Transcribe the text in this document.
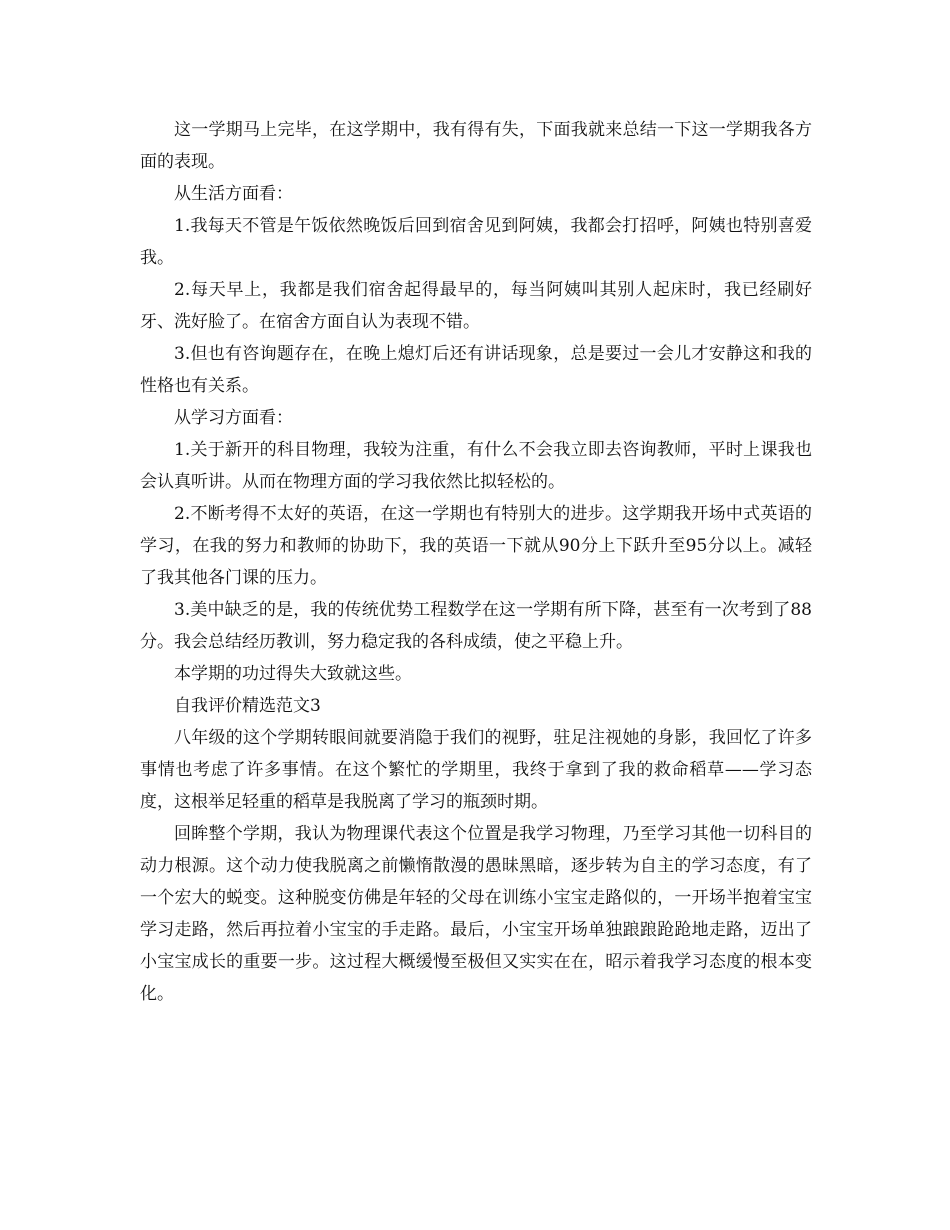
这一学期马上完毕，在这学期中，我有得有失，下面我就来总结一下这一学期我各方面的表现。

从生活方面看：

1.我每天不管是午饭依然晚饭后回到宿舍见到阿姨，我都会打招呼，阿姨也特别喜爱我。

2.每天早上，我都是我们宿舍起得最早的，每当阿姨叫其别人起床时，我已经刷好牙、洗好脸了。在宿舍方面自认为表现不错。

3.但也有咨询题存在，在晚上熄灯后还有讲话现象，总是要过一会儿才安静这和我的性格也有关系。

从学习方面看：

1.关于新开的科目物理，我较为注重，有什么不会我立即去咨询教师，平时上课我也会认真听讲。从而在物理方面的学习我依然比拟轻松的。

2.不断考得不太好的英语，在这一学期也有特别大的进步。这学期我开场中式英语的学习，在我的努力和教师的协助下，我的英语一下就从90分上下跃升至95分以上。减轻了我其他各门课的压力。

3.美中缺乏的是，我的传统优势工程数学在这一学期有所下降，甚至有一次考到了88分。我会总结经历教训，努力稳定我的各科成绩，使之平稳上升。

本学期的功过得失大致就这些。

自我评价精选范文3

八年级的这个学期转眼间就要消隐于我们的视野，驻足注视她的身影，我回忆了许多事情也考虑了许多事情。在这个繁忙的学期里，我终于拿到了我的救命稻草——学习态度，这根举足轻重的稻草是我脱离了学习的瓶颈时期。

回眸整个学期，我认为物理课代表这个位置是我学习物理，乃至学习其他一切科目的动力根源。这个动力使我脱离之前懒惰散漫的愚昧黑暗，逐步转为自主的学习态度，有了一个宏大的蜕变。这种脱变仿佛是年轻的父母在训练小宝宝走路似的，一开场半抱着宝宝学习走路，然后再拉着小宝宝的手走路。最后，小宝宝开场单独踉踉跄跄地走路，迈出了小宝宝成长的重要一步。这过程大概缓慢至极但又实实在在，昭示着我学习态度的根本变化。
